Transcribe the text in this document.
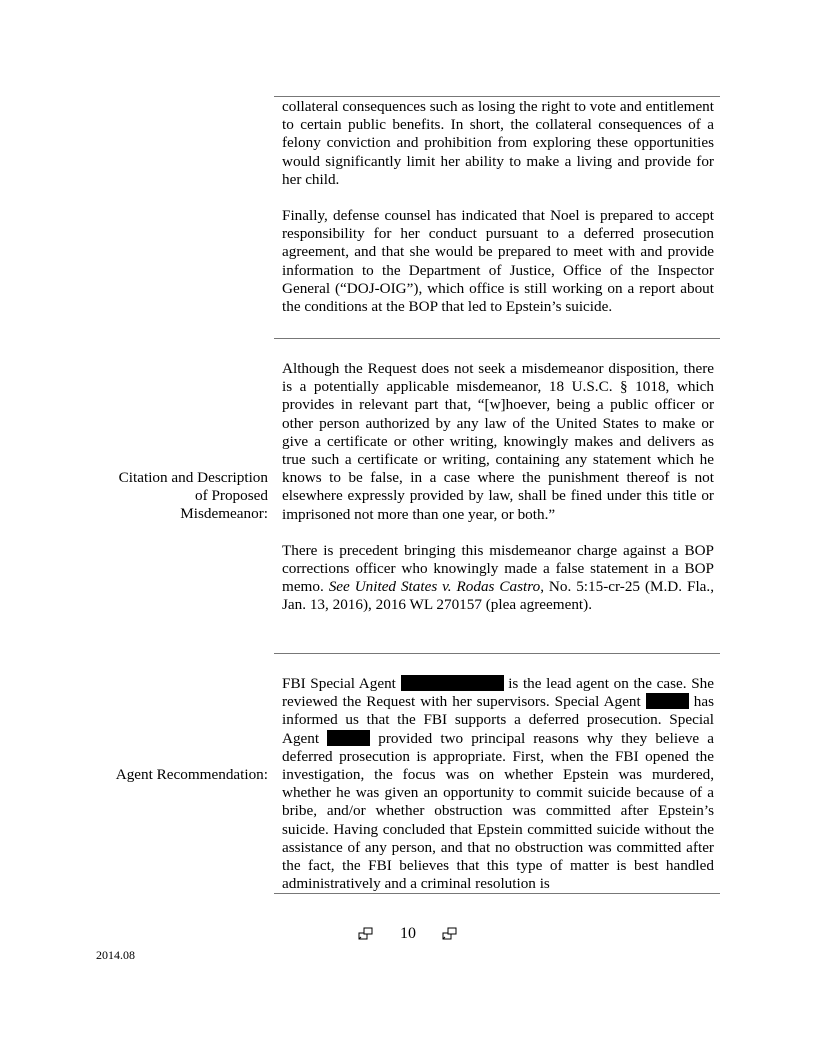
collateral consequences such as losing the right to vote and entitlement to certain public benefits. In short, the collateral consequences of a felony conviction and prohibition from exploring these opportunities would significantly limit her ability to make a living and provide for her child.

Finally, defense counsel has indicated that Noel is prepared to accept responsibility for her conduct pursuant to a deferred prosecution agreement, and that she would be prepared to meet with and provide information to the Department of Justice, Office of the Inspector General (“DOJ-OIG”), which office is still working on a report about the conditions at the BOP that led to Epstein’s suicide.

Citation and Description
of Proposed
Misdemeanor:

Although the Request does not seek a misdemeanor disposition, there is a potentially applicable misdemeanor, 18 U.S.C. § 1018, which provides in relevant part that, “[w]hoever, being a public officer or other person authorized by any law of the United States to make or give a certificate or other writing, knowingly makes and delivers as true such a certificate or writing, containing any statement which he knows to be false, in a case where the punishment thereof is not elsewhere expressly provided by law, shall be fined under this title or imprisoned not more than one year, or both.”

There is precedent bringing this misdemeanor charge against a BOP corrections officer who knowingly made a false statement in a BOP memo. See United States v. Rodas Castro, No. 5:15-cr-25 (M.D. Fla., Jan. 13, 2016), 2016 WL 270157 (plea agreement).

Agent Recommendation:

FBI Special Agent	is the lead agent on the case. She reviewed the Request with her supervisors. Special Agent	has informed us that the FBI supports a deferred prosecution. Special Agent	provided two principal reasons why they believe a deferred prosecution is appropriate. First, when the FBI opened the investigation, the focus was on whether Epstein was murdered, whether he was given an opportunity to commit suicide because of a bribe, and/or whether obstruction was committed after Epstein’s suicide. Having concluded that Epstein committed suicide without the assistance of any person, and that no obstruction was committed after the fact, the FBI believes that this type of matter is best handled administratively and a criminal resolution is

10
2014.08
